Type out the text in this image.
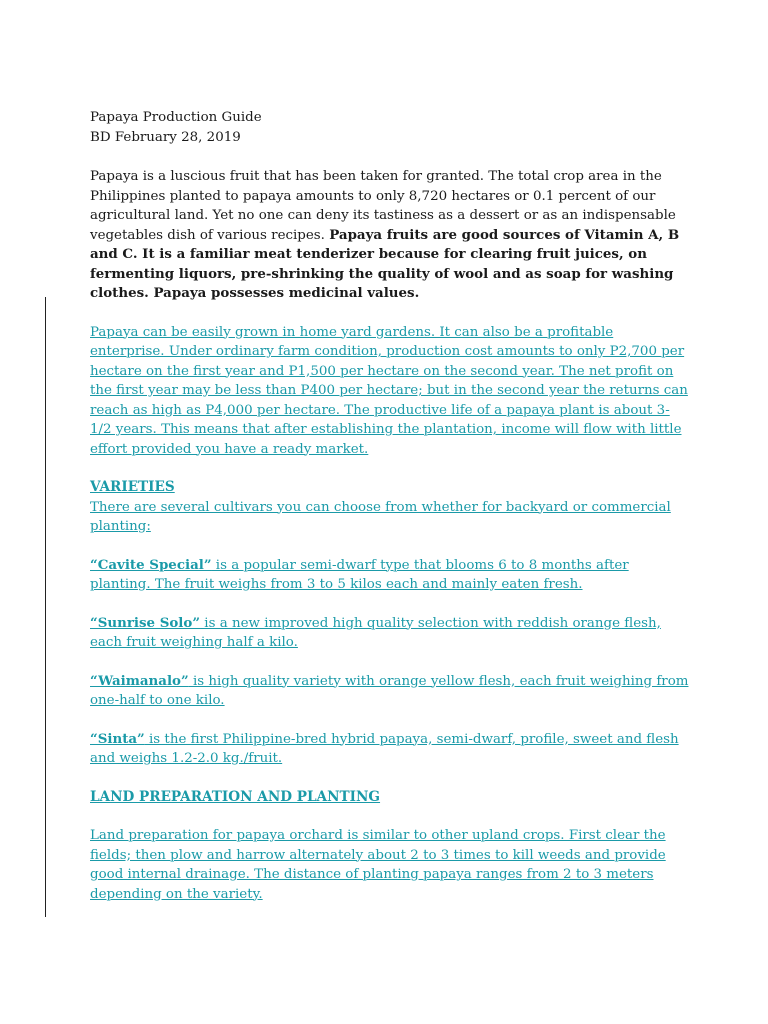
Papaya Production Guide

BD February 28, 2019

Papaya is a luscious fruit that has been taken for granted. The total crop area in the Philippines planted to papaya amounts to only 8,720 hectares or 0.1 percent of our agricultural land. Yet no one can deny its tastiness as a dessert or as an indispensable vegetables dish of various recipes. Papaya fruits are good sources of Vitamin A, B and C. It is a familiar meat tenderizer because for clearing fruit juices, on fermenting liquors, pre-shrinking the quality of wool and as soap for washing clothes. Papaya possesses medicinal values.

Papaya can be easily grown in home yard gardens. It can also be a profitable enterprise. Under ordinary farm condition, production cost amounts to only P2,700 per hectare on the first year and P1,500 per hectare on the second year. The net profit on the first year may be less than P400 per hectare; but in the second year the returns can reach as high as P4,000 per hectare. The productive life of a papaya plant is about 3-1/2 years. This means that after establishing the plantation, income will flow with little effort provided you have a ready market.

VARIETIES

There are several cultivars you can choose from whether for backyard or commercial planting:

“Cavite Special” is a popular semi-dwarf type that blooms 6 to 8 months after planting. The fruit weighs from 3 to 5 kilos each and mainly eaten fresh.

“Sunrise Solo” is a new improved high quality selection with reddish orange flesh, each fruit weighing half a kilo.

“Waimanalo” is high quality variety with orange yellow flesh, each fruit weighing from one-half to one kilo.

“Sinta” is the first Philippine-bred hybrid papaya, semi-dwarf, profile, sweet and flesh and weighs 1.2-2.0 kg./fruit.

LAND PREPARATION AND PLANTING

Land preparation for papaya orchard is similar to other upland crops. First clear the fields; then plow and harrow alternately about 2 to 3 times to kill weeds and provide good internal drainage. The distance of planting papaya ranges from 2 to 3 meters depending on the variety.
